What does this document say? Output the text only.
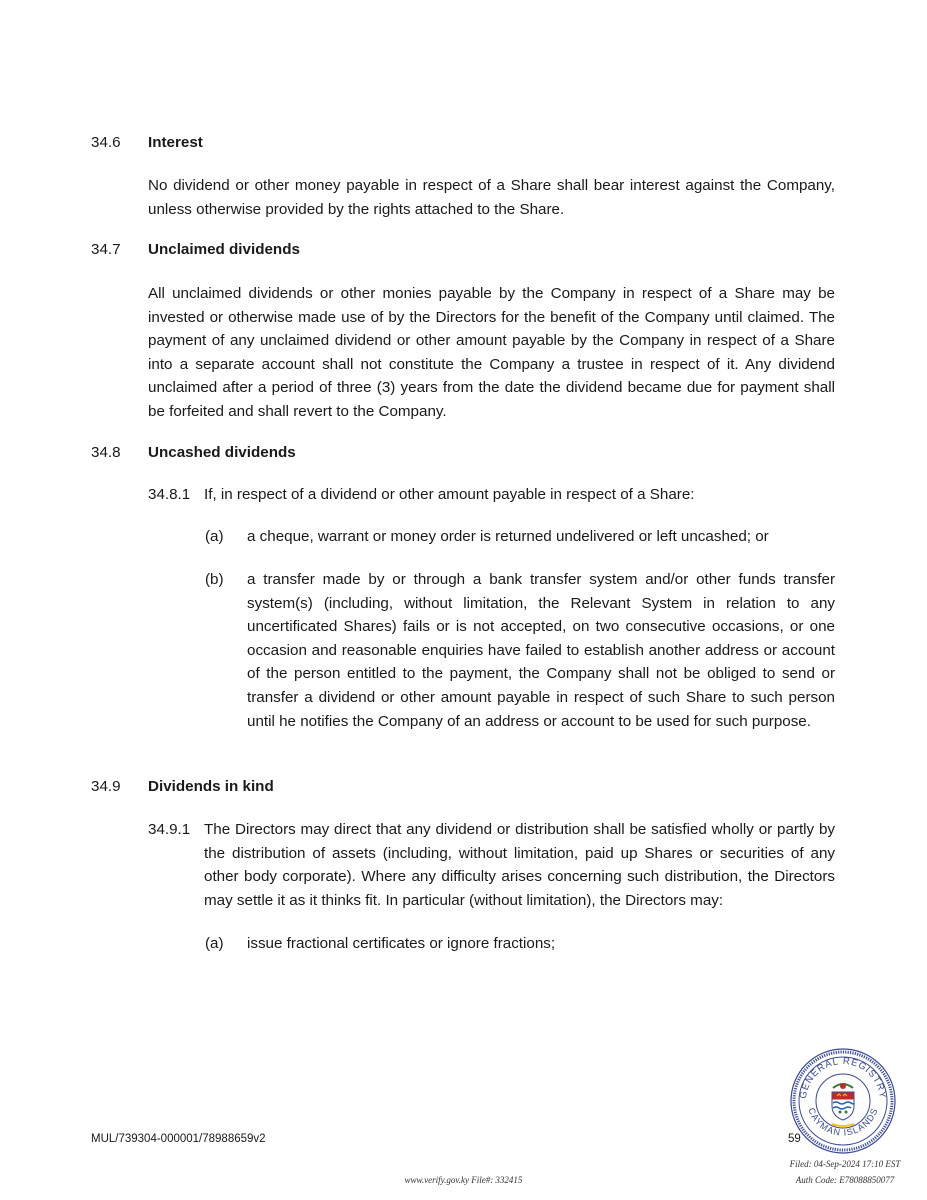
34.6 Interest
No dividend or other money payable in respect of a Share shall bear interest against the Company, unless otherwise provided by the rights attached to the Share.
34.7 Unclaimed dividends
All unclaimed dividends or other monies payable by the Company in respect of a Share may be invested or otherwise made use of by the Directors for the benefit of the Company until claimed. The payment of any unclaimed dividend or other amount payable by the Company in respect of a Share into a separate account shall not constitute the Company a trustee in respect of it. Any dividend unclaimed after a period of three (3) years from the date the dividend became due for payment shall be forfeited and shall revert to the Company.
34.8 Uncashed dividends
34.8.1 If, in respect of a dividend or other amount payable in respect of a Share:
(a) a cheque, warrant or money order is returned undelivered or left uncashed; or
(b) a transfer made by or through a bank transfer system and/or other funds transfer system(s) (including, without limitation, the Relevant System in relation to any uncertificated Shares) fails or is not accepted, on two consecutive occasions, or one occasion and reasonable enquiries have failed to establish another address or account of the person entitled to the payment, the Company shall not be obliged to send or transfer a dividend or other amount payable in respect of such Share to such person until he notifies the Company of an address or account to be used for such purpose.
34.9 Dividends in kind
34.9.1 The Directors may direct that any dividend or distribution shall be satisfied wholly or partly by the distribution of assets (including, without limitation, paid up Shares or securities of any other body corporate). Where any difficulty arises concerning such distribution, the Directors may settle it as it thinks fit. In particular (without limitation), the Directors may:
(a) issue fractional certificates or ignore fractions;
MUL/739304-000001/78988659v2	59
GENERAL REGISTRY
CAYMAN ISLANDS
Filed: 04-Sep-2024 17:10 EST
Auth Code: E78088850077
www.verify.gov.ky File#: 332415
